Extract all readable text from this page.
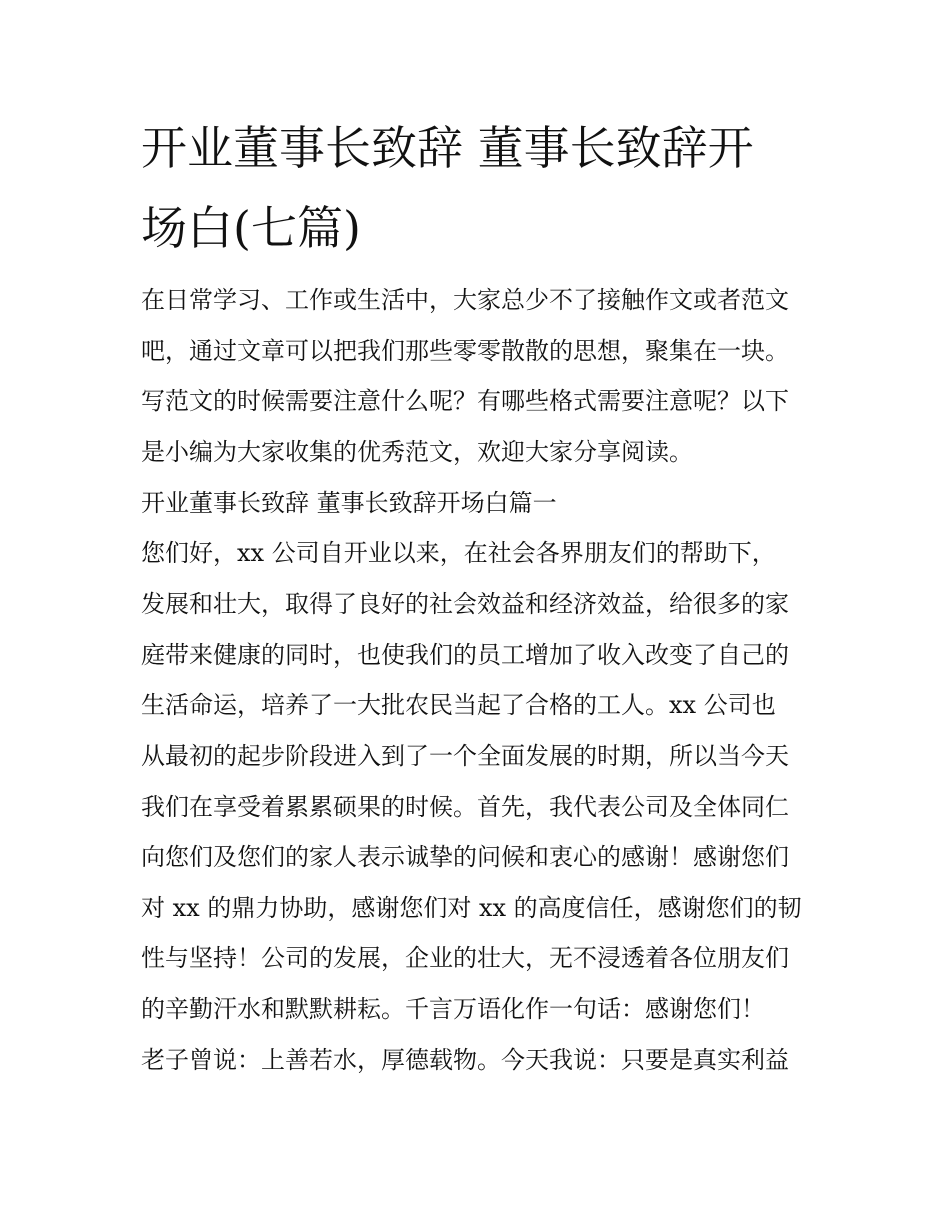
开业董事长致辞 董事长致辞开
场白(七篇)
在日常学习、工作或生活中，大家总少不了接触作文或者范文
吧，通过文章可以把我们那些零零散散的思想，聚集在一块。
写范文的时候需要注意什么呢？有哪些格式需要注意呢？以下
是小编为大家收集的优秀范文，欢迎大家分享阅读。
开业董事长致辞 董事长致辞开场白篇一
您们好，xx 公司自开业以来，在社会各界朋友们的帮助下，
发展和壮大，取得了良好的社会效益和经济效益，给很多的家
庭带来健康的同时，也使我们的员工增加了收入改变了自己的
生活命运，培养了一大批农民当起了合格的工人。xx 公司也
从最初的起步阶段进入到了一个全面发展的时期，所以当今天
我们在享受着累累硕果的时候。首先，我代表公司及全体同仁
向您们及您们的家人表示诚挚的问候和衷心的感谢！感谢您们
对 xx 的鼎力协助，感谢您们对 xx 的高度信任，感谢您们的韧
性与坚持！公司的发展，企业的壮大，无不浸透着各位朋友们
的辛勤汗水和默默耕耘。千言万语化作一句话：感谢您们！
老子曾说：上善若水，厚德载物。今天我说：只要是真实利益
